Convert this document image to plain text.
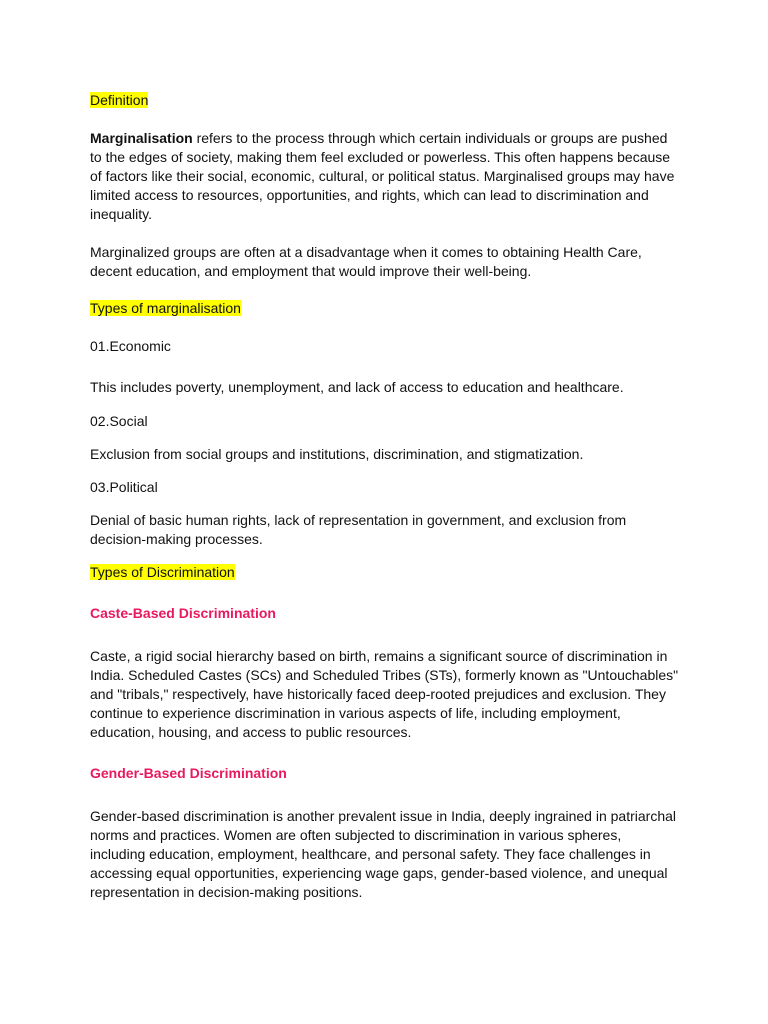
Definition

Marginalisation refers to the process through which certain individuals or groups are pushed to the edges of society, making them feel excluded or powerless. This often happens because of factors like their social, economic, cultural, or political status. Marginalised groups may have limited access to resources, opportunities, and rights, which can lead to discrimination and inequality.

Marginalized groups are often at a disadvantage when it comes to obtaining Health Care, decent education, and employment that would improve their well-being.

Types of marginalisation

01.Economic

This includes poverty, unemployment, and lack of access to education and healthcare.

02.Social

Exclusion from social groups and institutions, discrimination, and stigmatization.

03.Political

Denial of basic human rights, lack of representation in government, and exclusion from decision-making processes.

Types of Discrimination

Caste-Based Discrimination

Caste, a rigid social hierarchy based on birth, remains a significant source of discrimination in India. Scheduled Castes (SCs) and Scheduled Tribes (STs), formerly known as "Untouchables" and "tribals," respectively, have historically faced deep-rooted prejudices and exclusion. They continue to experience discrimination in various aspects of life, including employment, education, housing, and access to public resources.

Gender-Based Discrimination

Gender-based discrimination is another prevalent issue in India, deeply ingrained in patriarchal norms and practices. Women are often subjected to discrimination in various spheres, including education, employment, healthcare, and personal safety. They face challenges in accessing equal opportunities, experiencing wage gaps, gender-based violence, and unequal representation in decision-making positions.
